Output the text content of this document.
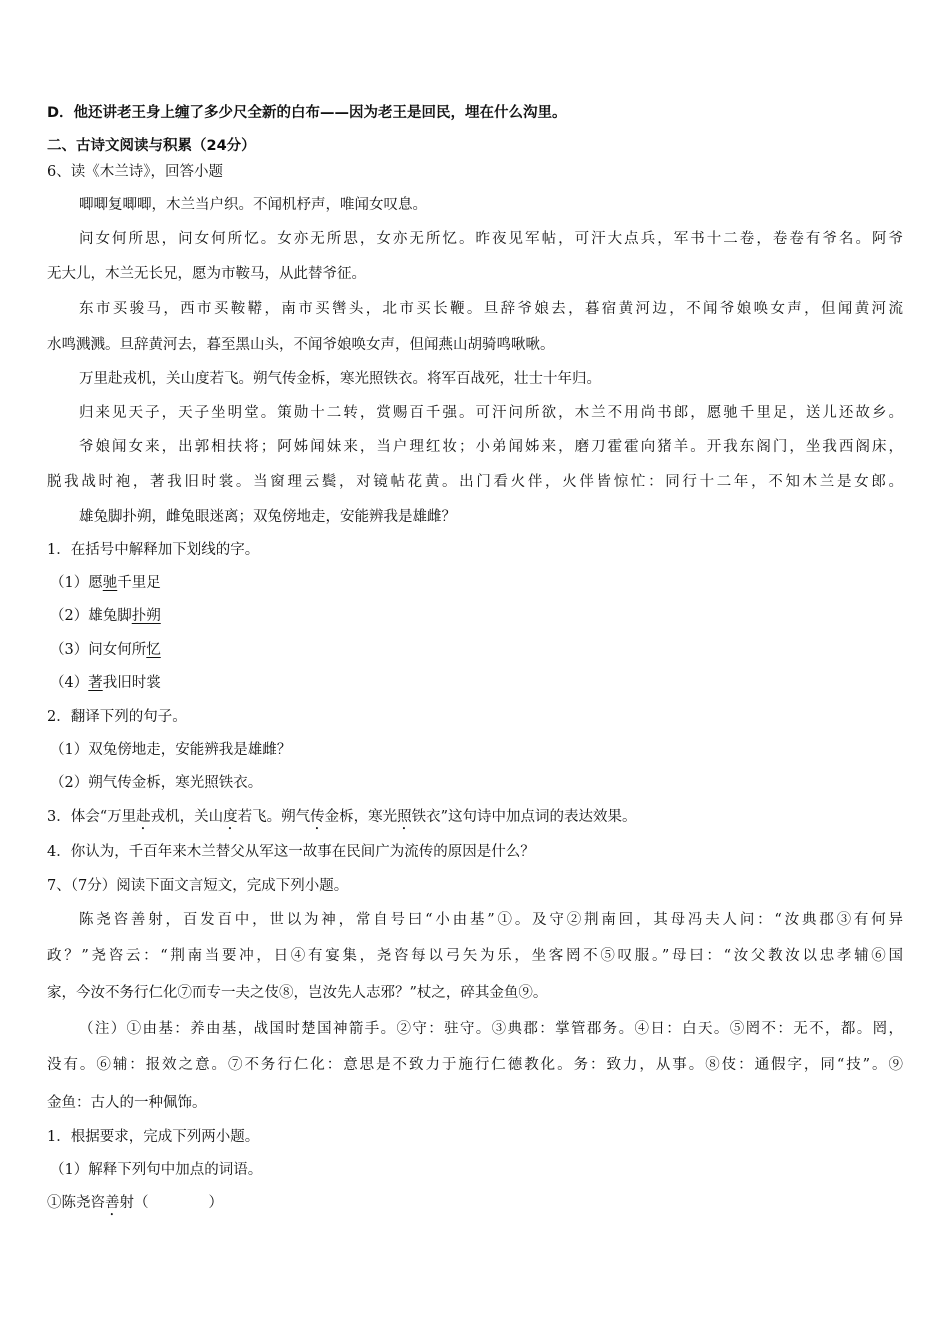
D．他还讲老王身上缠了多少尺全新的白布——因为老王是回民，埋在什么沟里。

二、古诗文阅读与积累（24分）

6、读《木兰诗》，回答小题

唧唧复唧唧，木兰当户织。不闻机杼声，唯闻女叹息。

问女何所思，问女何所忆。女亦无所思，女亦无所忆。昨夜见军帖，可汗大点兵，军书十二卷，卷卷有爷名。阿爷

无大儿，木兰无长兄，愿为市鞍马，从此替爷征。

东市买骏马，西市买鞍鞯，南市买辔头，北市买长鞭。旦辞爷娘去，暮宿黄河边，不闻爷娘唤女声，但闻黄河流

水鸣溅溅。旦辞黄河去，暮至黑山头，不闻爷娘唤女声，但闻燕山胡骑鸣啾啾。

万里赴戎机，关山度若飞。朔气传金柝，寒光照铁衣。将军百战死，壮士十年归。

归来见天子，天子坐明堂。策勋十二转，赏赐百千强。可汗问所欲，木兰不用尚书郎，愿驰千里足，送儿还故乡。

爷娘闻女来，出郭相扶将；阿姊闻妹来，当户理红妆；小弟闻姊来，磨刀霍霍向猪羊。开我东阁门，坐我西阁床，

脱我战时袍，著我旧时裳。当窗理云鬓，对镜帖花黄。出门看火伴，火伴皆惊忙：同行十二年，不知木兰是女郎。

雄兔脚扑朔，雌兔眼迷离；双兔傍地走，安能辨我是雄雌？

1．在括号中解释加下划线的字。

（1）愿驰千里足

（2）雄兔脚扑朔

（3）问女何所忆

（4）著我旧时裳

2．翻译下列的句子。

（1）双兔傍地走，安能辨我是雄雌？

（2）朔气传金柝，寒光照铁衣。

3．体会“万里赴戎机，关山度若飞。朔气传金柝，寒光照铁衣”这句诗中加点词的表达效果。

4．你认为，千百年来木兰替父从军这一故事在民间广为流传的原因是什么？

7、（7分）阅读下面文言短文，完成下列小题。

陈尧咨善射，百发百中，世以为神，常自号曰“小由基”①。及守②荆南回，其母冯夫人问：“汝典郡③有何异

政？”尧咨云：“荆南当要冲，日④有宴集，尧咨每以弓矢为乐，坐客罔不⑤叹服。”母曰：“汝父教汝以忠孝辅⑥国

家，今汝不务行仁化⑦而专一夫之伎⑧，岂汝先人志邪？”杖之，碎其金鱼⑨。

（注）①由基：养由基，战国时楚国神箭手。②守：驻守。③典郡：掌管郡务。④日：白天。⑤罔不：无不，都。罔，

没有。⑥辅：报效之意。⑦不务行仁化：意思是不致力于施行仁德教化。务：致力，从事。⑧伎：通假字，同“技”。⑨

金鱼：古人的一种佩饰。

1．根据要求，完成下列两小题。

（1）解释下列句中加点的词语。

①陈尧咨善射（	）
